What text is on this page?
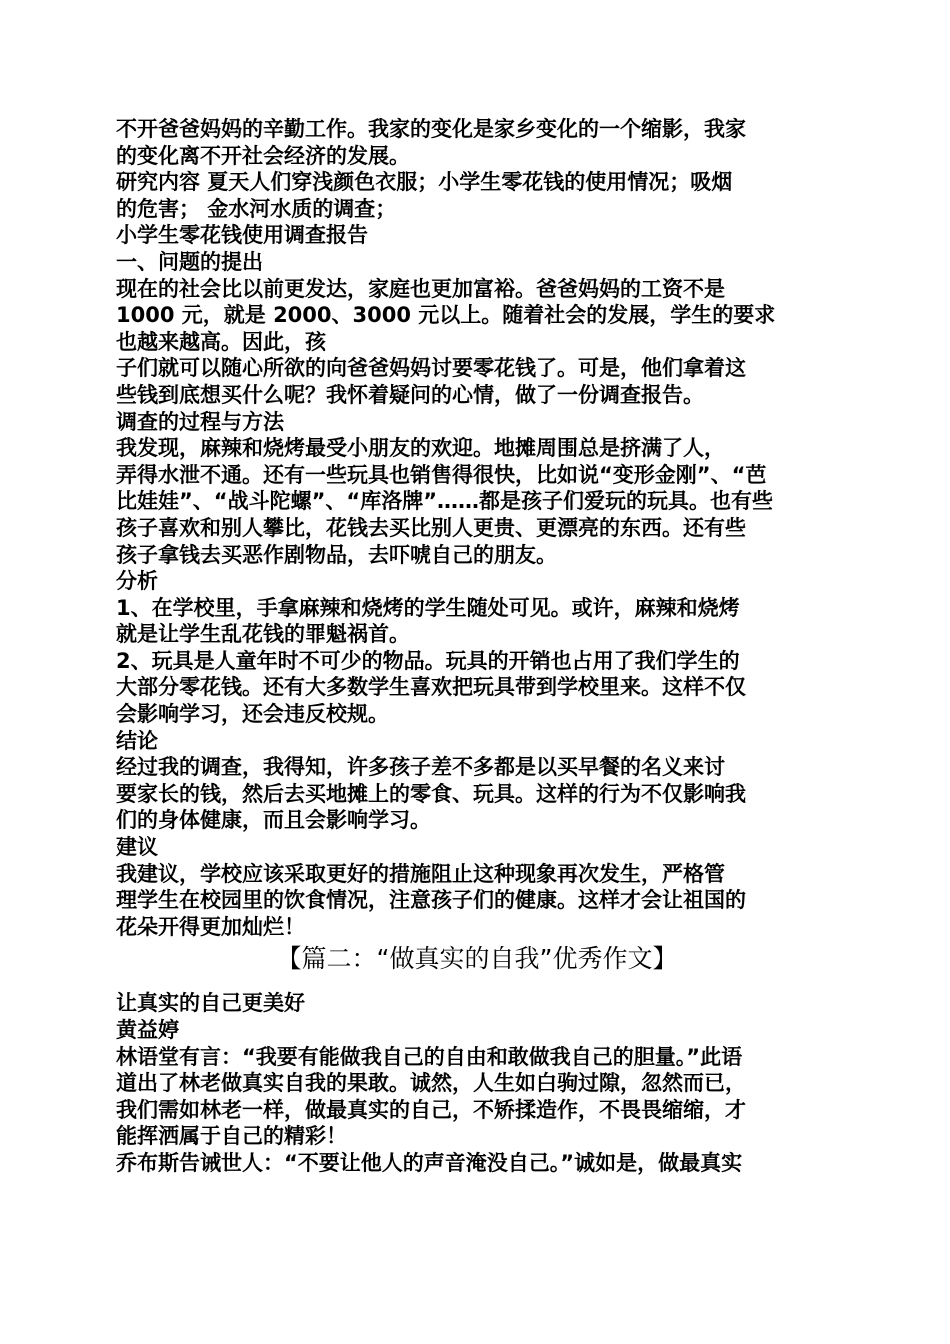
不开爸爸妈妈的辛勤工作。我家的变化是家乡变化的一个缩影，我家
的变化离不开社会经济的发展。
研究内容 夏天人们穿浅颜色衣服；小学生零花钱的使用情况；吸烟
的危害； 金水河水质的调查；
小学生零花钱使用调查报告
一、问题的提出
现在的社会比以前更发达，家庭也更加富裕。爸爸妈妈的工资不是
1000 元，就是 2000、3000 元以上。随着社会的发展，学生的要求
也越来越高。因此，孩
子们就可以随心所欲的向爸爸妈妈讨要零花钱了。可是，他们拿着这
些钱到底想买什么呢？我怀着疑问的心情，做了一份调查报告。
调查的过程与方法
我发现，麻辣和烧烤最受小朋友的欢迎。地摊周围总是挤满了人，
弄得水泄不通。还有一些玩具也销售得很快，比如说“变形金刚”、“芭
比娃娃”、“战斗陀螺”、“库洛牌”……都是孩子们爱玩的玩具。也有些
孩子喜欢和别人攀比，花钱去买比别人更贵、更漂亮的东西。还有些
孩子拿钱去买恶作剧物品，去吓唬自己的朋友。
分析
1、在学校里，手拿麻辣和烧烤的学生随处可见。或许，麻辣和烧烤
就是让学生乱花钱的罪魁祸首。
2、玩具是人童年时不可少的物品。玩具的开销也占用了我们学生的
大部分零花钱。还有大多数学生喜欢把玩具带到学校里来。这样不仅
会影响学习，还会违反校规。
结论
经过我的调查，我得知，许多孩子差不多都是以买早餐的名义来讨
要家长的钱，然后去买地摊上的零食、玩具。这样的行为不仅影响我
们的身体健康，而且会影响学习。
建议
我建议，学校应该采取更好的措施阻止这种现象再次发生，严格管
理学生在校园里的饮食情况，注意孩子们的健康。这样才会让祖国的
花朵开得更加灿烂！
【篇二：“做真实的自我”优秀作文】
让真实的自己更美好
黄益婷
林语堂有言：“我要有能做我自己的自由和敢做我自己的胆量。”此语
道出了林老做真实自我的果敢。诚然，人生如白驹过隙，忽然而已，
我们需如林老一样，做最真实的自己，不矫揉造作，不畏畏缩缩，才
能挥洒属于自己的精彩！
乔布斯告诫世人：“不要让他人的声音淹没自己。”诚如是，做最真实
